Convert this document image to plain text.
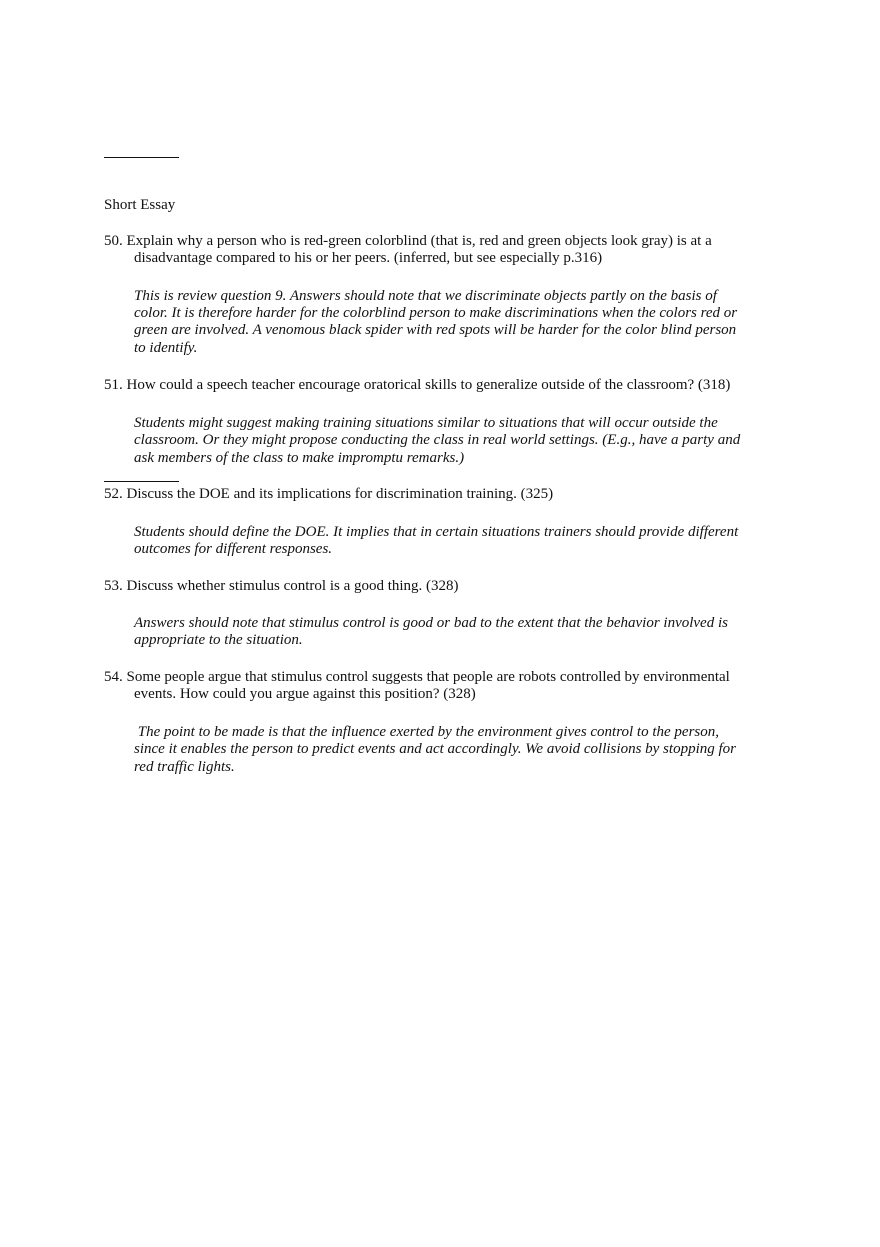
Short Essay
50. Explain why a person who is red-green colorblind (that is, red and green objects look gray) is at a
disadvantage compared to his or her peers. (inferred, but see especially p.316)
This is review question 9. Answers should note that we discriminate objects partly on the basis of
color. It is therefore harder for the colorblind person to make discriminations when the colors red or
green are involved. A venomous black spider with red spots will be harder for the color blind person
to identify.
51. How could a speech teacher encourage oratorical skills to generalize outside of the classroom? (318)
Students might suggest making training situations similar to situations that will occur outside the
classroom. Or they might propose conducting the class in real world settings. (E.g., have a party and
ask members of the class to make impromptu remarks.)
52. Discuss the DOE and its implications for discrimination training. (325)
Students should define the DOE. It implies that in certain situations trainers should provide different
outcomes for different responses.
53. Discuss whether stimulus control is a good thing. (328)
Answers should note that stimulus control is good or bad to the extent that the behavior involved is
appropriate to the situation.
54. Some people argue that stimulus control suggests that people are robots controlled by environmental
events. How could you argue against this position? (328)
The point to be made is that the influence exerted by the environment gives control to the person,
since it enables the person to predict events and act accordingly. We avoid collisions by stopping for
red traffic lights.
